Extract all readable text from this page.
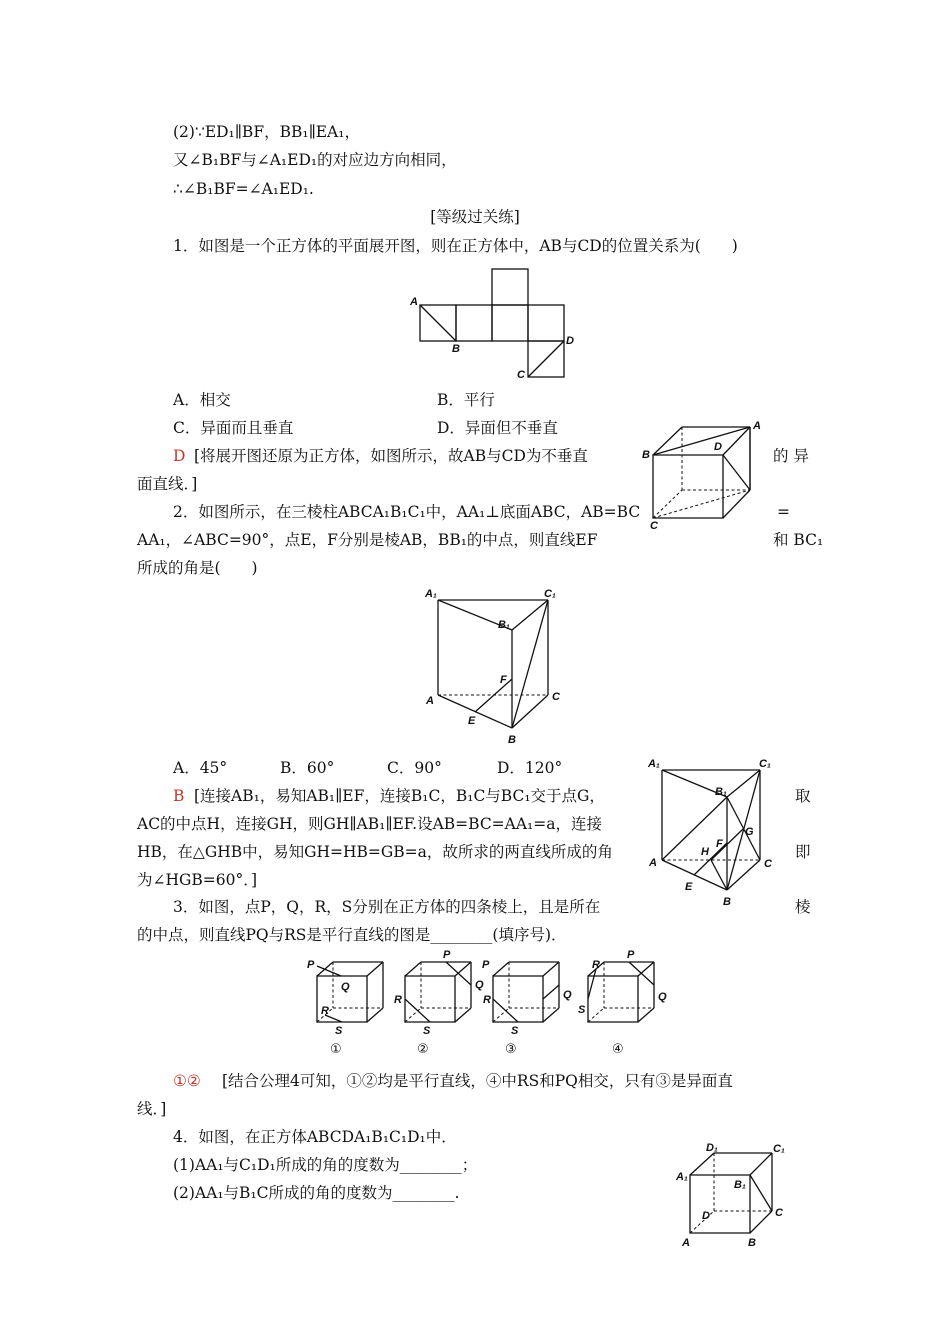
(2)∵ED₁∥BF，BB₁∥EA₁，
又∠B₁BF与∠A₁ED₁的对应边方向相同，
∴∠B₁BF=∠A₁ED₁.
[等级过关练]
1．如图是一个正方体的平面展开图，则在正方体中，AB与CD的位置关系为(　　)
A
B
C
D
A．相交	B．平行
C．异面而且垂直	D．异面但不垂直
D [将展开图还原为正方体，如图所示，故AB与CD为不垂直	的 异
面直线．]
A
B
C
D
2．如图所示，在三棱柱ABCA₁B₁C₁中，AA₁⊥底面ABC，AB=BC	=
AA₁，∠ABC=90°，点E，F分别是棱AB，BB₁的中点，则直线EF	和 BC₁
所成的角是(　　)
A₁
B₁
C₁
A
B
C
E
F
A．45°	B．60°	C．90°	D．120°
B [连接AB₁，易知AB₁∥EF，连接B₁C，B₁C与BC₁交于点G，	取
AC的中点H，连接GH，则GH∥AB₁∥EF.设AB=BC=AA₁=a，连接
HB，在△GHB中，易知GH=HB=GB=a，故所求的两直线所成的角	即
为∠HGB=60°．]
A₁
B₁
C₁
A
B
C
E
F
G
H
3．如图，点P，Q，R，S分别在正方体的四条棱上，且是所在	棱
的中点，则直线PQ与RS是平行直线的图是________(填序号)．
P
Q
R
S
①
P
Q
R
S
②
P
Q
R
S
③
R
P
Q
S
④
①② [结合公理4可知，①②均是平行直线，④中RS和PQ相交，只有③是异面直
线．]
4．如图，在正方体ABCDA₁B₁C₁D₁中．
(1)AA₁与C₁D₁所成的角的度数为________；
(2)AA₁与B₁C所成的角的度数为________.
A	B
C
D
A₁
B₁
C₁
D₁
